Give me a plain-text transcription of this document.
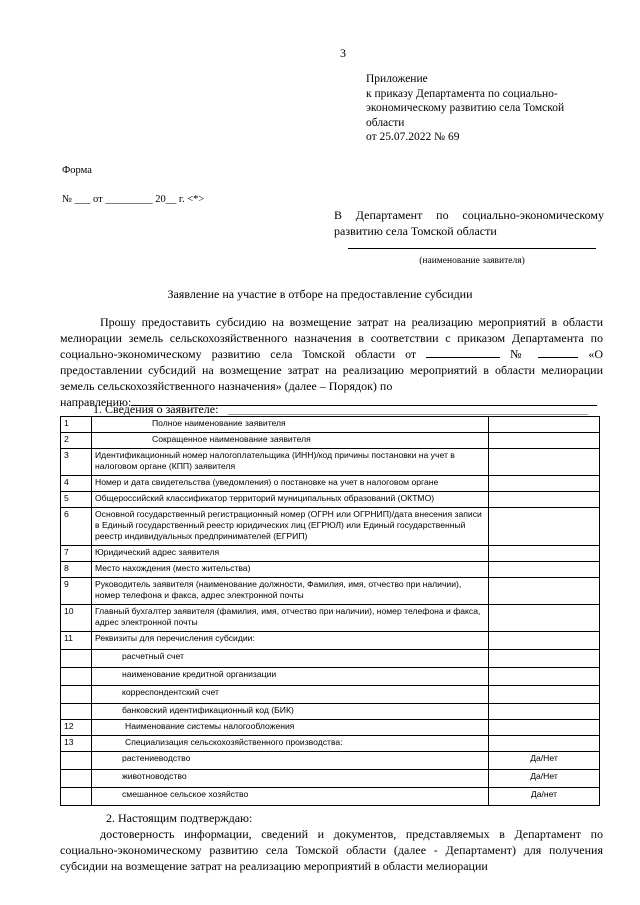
3
Приложение
к приказу Департамента по социально-
экономическому развитию села Томской
области
от 25.07.2022 № 69
Форма
№ ___ от _________ 20__ г. <*>
В Департамент по социально-экономическому
развитию села Томской области
(наименование заявителя)
Заявление на участие в отборе на предоставление субсидии
Прошу предоставить субсидию на возмещение затрат на реализацию мероприятий в области мелиорации земель сельскохозяйственного назначения в соответствии с приказом Департамента по социально-экономическому развитию села Томской области от	№	«О предоставлении субсидий на возмещение затрат на реализацию мероприятий в области мелиорации земель сельскохозяйственного назначения» (далее – Порядок) по
направлению:
1. Сведения о заявителе:
1	Полное наименование заявителя	
2	Сокращенное наименование заявителя	
3	Идентификационный номер налогоплательщика (ИНН)/код причины постановки на учет в налоговом органе (КПП) заявителя	
4	Номер и дата свидетельства (уведомления) о постановке на учет в налоговом органе	
5	Общероссийский классификатор территорий муниципальных образований (ОКТМО)	
6	Основной государственный регистрационный номер (ОГРН или ОГРНИП)/дата внесения записи в Единый государственный реестр юридических лиц (ЕГРЮЛ) или Единый государственный реестр индивидуальных предпринимателей (ЕГРИП)	
7	Юридический адрес заявителя	
8	Место нахождения (место жительства)	
9	Руководитель заявителя (наименование должности, Фамилия, имя, отчество при наличии), номер телефона и факса, адрес электронной почты	
10	Главный бухгалтер заявителя (фамилия, имя, отчество при наличии), номер телефона и факса, адрес электронной почты	
11	Реквизиты для перечисления субсидии:	
	расчетный счет	
	наименование кредитной организации	
	корреспондентский счет	
	банковский идентификационный код (БИК)	
12	Наименование системы налогообложения	
13	Специализация сельскохозяйственного производства:	
	растениеводство	Да/Нет
	животноводство	Да/Нет
	смешанное сельское хозяйство	Да/нет
2. Настоящим подтверждаю:
достоверность информации, сведений и документов, представляемых в Департамент по социально-экономическому развитию села Томской области (далее - Департамент) для получения субсидии на возмещение затрат на реализацию мероприятий в области мелиорации
